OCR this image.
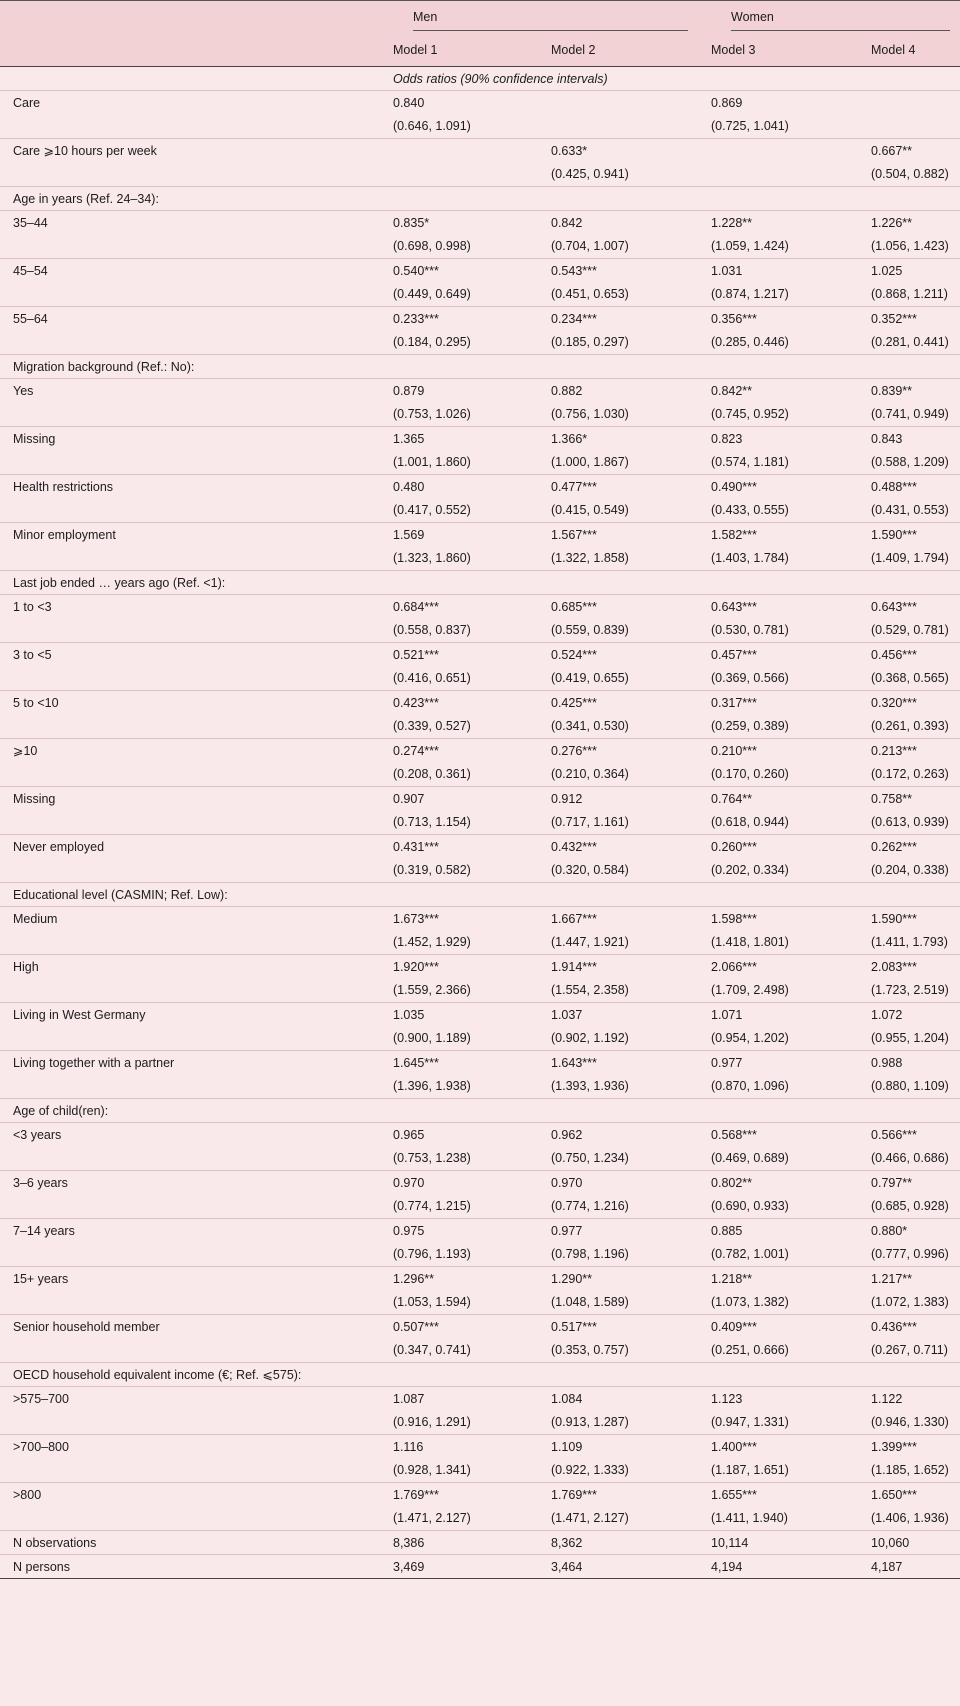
	Men		Women	

	Model 1	Model 2	Model 3	Model 4
	Odds ratios (90% confidence intervals)			
Care	0.840		0.869	
	(0.646, 1.091)		(0.725, 1.041)	
Care ⩾10 hours per week		0.633*		0.667**
		(0.425, 0.941)		(0.504, 0.882)
Age in years (Ref. 24–34):				
35–44	0.835*	0.842	1.228**	1.226**
	(0.698, 0.998)	(0.704, 1.007)	(1.059, 1.424)	(1.056, 1.423)
45–54	0.540***	0.543***	1.031	1.025
	(0.449, 0.649)	(0.451, 0.653)	(0.874, 1.217)	(0.868, 1.211)
55–64	0.233***	0.234***	0.356***	0.352***
	(0.184, 0.295)	(0.185, 0.297)	(0.285, 0.446)	(0.281, 0.441)
Migration background (Ref.: No):				
Yes	0.879	0.882	0.842**	0.839**
	(0.753, 1.026)	(0.756, 1.030)	(0.745, 0.952)	(0.741, 0.949)
Missing	1.365	1.366*	0.823	0.843
	(1.001, 1.860)	(1.000, 1.867)	(0.574, 1.181)	(0.588, 1.209)
Health restrictions	0.480	0.477***	0.490***	0.488***
	(0.417, 0.552)	(0.415, 0.549)	(0.433, 0.555)	(0.431, 0.553)
Minor employment	1.569	1.567***	1.582***	1.590***
	(1.323, 1.860)	(1.322, 1.858)	(1.403, 1.784)	(1.409, 1.794)
Last job ended … years ago (Ref. <1):				
1 to <3	0.684***	0.685***	0.643***	0.643***
	(0.558, 0.837)	(0.559, 0.839)	(0.530, 0.781)	(0.529, 0.781)
3 to <5	0.521***	0.524***	0.457***	0.456***
	(0.416, 0.651)	(0.419, 0.655)	(0.369, 0.566)	(0.368, 0.565)
5 to <10	0.423***	0.425***	0.317***	0.320***
	(0.339, 0.527)	(0.341, 0.530)	(0.259, 0.389)	(0.261, 0.393)
⩾10	0.274***	0.276***	0.210***	0.213***
	(0.208, 0.361)	(0.210, 0.364)	(0.170, 0.260)	(0.172, 0.263)
Missing	0.907	0.912	0.764**	0.758**
	(0.713, 1.154)	(0.717, 1.161)	(0.618, 0.944)	(0.613, 0.939)
Never employed	0.431***	0.432***	0.260***	0.262***
	(0.319, 0.582)	(0.320, 0.584)	(0.202, 0.334)	(0.204, 0.338)
Educational level (CASMIN; Ref. Low):				
Medium	1.673***	1.667***	1.598***	1.590***
	(1.452, 1.929)	(1.447, 1.921)	(1.418, 1.801)	(1.411, 1.793)
High	1.920***	1.914***	2.066***	2.083***
	(1.559, 2.366)	(1.554, 2.358)	(1.709, 2.498)	(1.723, 2.519)
Living in West Germany	1.035	1.037	1.071	1.072
	(0.900, 1.189)	(0.902, 1.192)	(0.954, 1.202)	(0.955, 1.204)
Living together with a partner	1.645***	1.643***	0.977	0.988
	(1.396, 1.938)	(1.393, 1.936)	(0.870, 1.096)	(0.880, 1.109)
Age of child(ren):				
<3 years	0.965	0.962	0.568***	0.566***
	(0.753, 1.238)	(0.750, 1.234)	(0.469, 0.689)	(0.466, 0.686)
3–6 years	0.970	0.970	0.802**	0.797**
	(0.774, 1.215)	(0.774, 1.216)	(0.690, 0.933)	(0.685, 0.928)
7–14 years	0.975	0.977	0.885	0.880*
	(0.796, 1.193)	(0.798, 1.196)	(0.782, 1.001)	(0.777, 0.996)
15+ years	1.296**	1.290**	1.218**	1.217**
	(1.053, 1.594)	(1.048, 1.589)	(1.073, 1.382)	(1.072, 1.383)
Senior household member	0.507***	0.517***	0.409***	0.436***
	(0.347, 0.741)	(0.353, 0.757)	(0.251, 0.666)	(0.267, 0.711)
OECD household equivalent income (€; Ref. ⩽575):				
>575–700	1.087	1.084	1.123	1.122
	(0.916, 1.291)	(0.913, 1.287)	(0.947, 1.331)	(0.946, 1.330)
>700–800	1.116	1.109	1.400***	1.399***
	(0.928, 1.341)	(0.922, 1.333)	(1.187, 1.651)	(1.185, 1.652)
>800	1.769***	1.769***	1.655***	1.650***
	(1.471, 2.127)	(1.471, 2.127)	(1.411, 1.940)	(1.406, 1.936)
N observations	8,386	8,362	10,114	10,060
N persons	3,469	3,464	4,194	4,187
